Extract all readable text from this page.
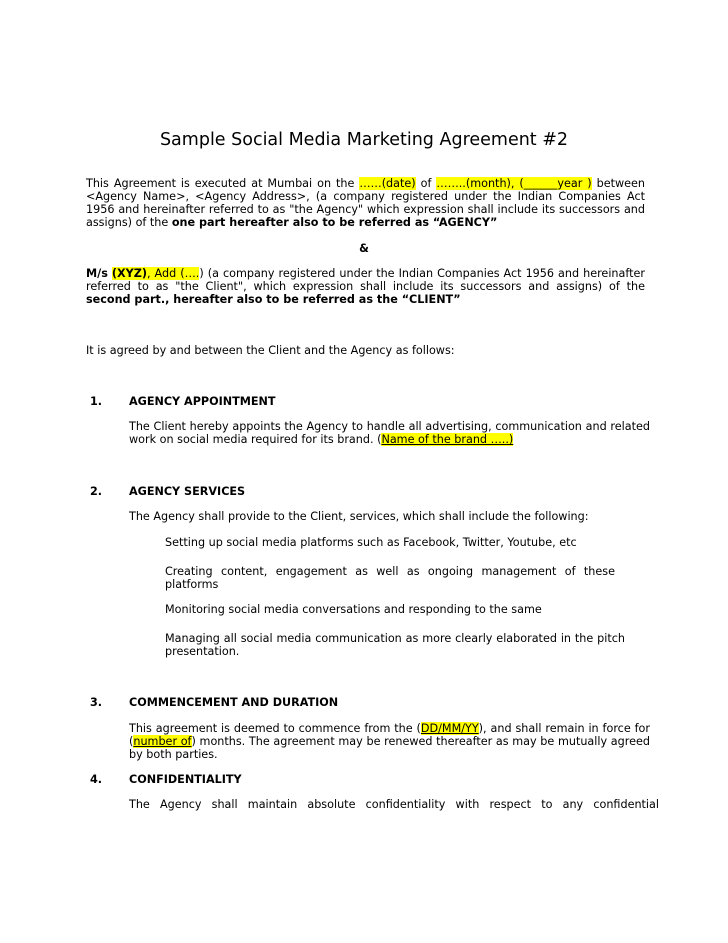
Sample Social Media Marketing Agreement #2
This Agreement is executed at Mumbai on the ……(date) of ……..(month), (______year ) between <Agency Name>, <Agency Address>, (a company registered under the Indian Companies Act 1956 and hereinafter referred to as "the Agency" which expression shall include its successors and assigns) of the one part hereafter also to be referred as “AGENCY”
&
M/s (XYZ), Add (….) (a company registered under the Indian Companies Act 1956 and hereinafter referred to as "the Client", which expression shall include its successors and assigns) of the second part., hereafter also to be referred as the “CLIENT”
It is agreed by and between the Client and the Agency as follows:
1. AGENCY APPOINTMENT
The Client hereby appoints the Agency to handle all advertising, communication and related work on social media required for its brand. (Name of the brand …..)
2. AGENCY SERVICES
The Agency shall provide to the Client, services, which shall include the following:
Setting up social media platforms such as Facebook, Twitter, Youtube, etc
Creating content, engagement as well as ongoing management of these platforms
Monitoring social media conversations and responding to the same
Managing all social media communication as more clearly elaborated in the pitch presentation.
3. COMMENCEMENT AND DURATION
This agreement is deemed to commence from the (DD/MM/YY), and shall remain in force for (number of) months. The agreement may be renewed thereafter as may be mutually agreed by both parties.
4. CONFIDENTIALITY
The Agency shall maintain absolute confidentiality with respect to any confidential
